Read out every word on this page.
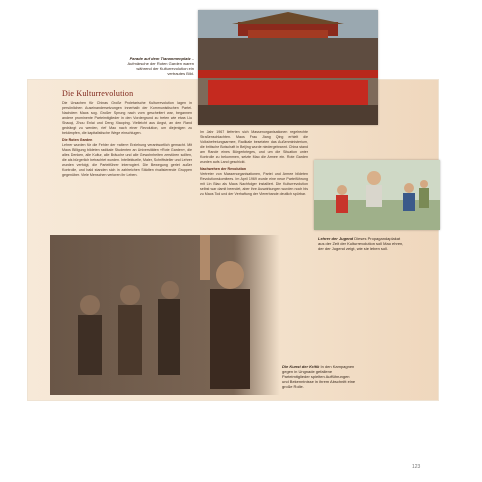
Parade auf dem Tiananmenplatz – Aufmärsche der Roten Garden waren während der Kulturrevolution ein vertrautes Bild.
Die Kulturrevolution
Die Ursachen für Chinas Große Proletarische Kulturrevolution lagen in persönlichen Auseinandersetzungen innerhalb der Kommunistischen Partei. Nachdem Maos sog. Großer Sprung nach vorn gescheitert war, begannen andere prominente Parteimitglieder in den Vordergrund zu treten wie etwa Liu Shaoqi, Zhou Enlai und Deng Xiaoping. Vielleicht aus Angst, an den Rand gedrängt zu werden, rief Mao nach einer Revolution, um diejenigen zu bekämpfen, die kapitalistische Wege einschlugen.
Die Roten Garden
Lehrer wurden für die Fehler der »alten« Erziehung verantwortlich gemacht. Mit Maos Billigung bildeten radikale Studenten an Universitäten »Rote Garden«, die alles Denken, alle Kultur, alle Bräuche und alle Gewohnheiten zerstören sollten, die als bürgerlich betrachtet wurden. Intellektuelle, Maler, Schriftsteller und Lehrer wurden verfolgt, die Parteiführer interrogiert. Die Bewegung geriet außer Kontrolle, und bald standen sich in zahlreichen Städten rivalisierende Gruppen gegenüber. Viele Menschen verloren ihr Leben.
Im Jahr 1967 lieferten sich Massenorganisationen regelrechte Straßenschlachten. Maos Frau Jiang Qing erhielt die Volksbefreiungsarmee, Radikale besetzten das Außenministerium, die britische Botschaft in Beijing wurde niedergebrannt. China stand am Rande eines Bürgerkrieges, und um die Situation unter Kontrolle zu bekommen, setzte Mao die Armee ein. Rote Garden wurden aufs Land geschickt.
Nachwehen der Revolution
Vertreter von Massenorganisationen, Partei und Armee bildeten Revolutionskomitees. Im April 1969 wurde eine neue Parteiführung mit Lin Biao als Maos Nachfolger installiert. Die Kulturrevolution selbst war damit beendet, aber ihre Auswirkungen wurden noch bis zu Maos Tod und der Verhaftung der Viererbande deutlich spürbar.
Lehrer der Jugend Dieses Propagandaplakat aus der Zeit der Kulturrevolution soll Mao ehren, der der Jugend zeigt, wie sie leben soll.
Die Kunst der Kritik In den Kampagnen gegen in Ungnade gefallene Parteimitglieder spielten Aufführungen und Bekenntnisse in ihrem Abschnitt eine große Rolle.
123
